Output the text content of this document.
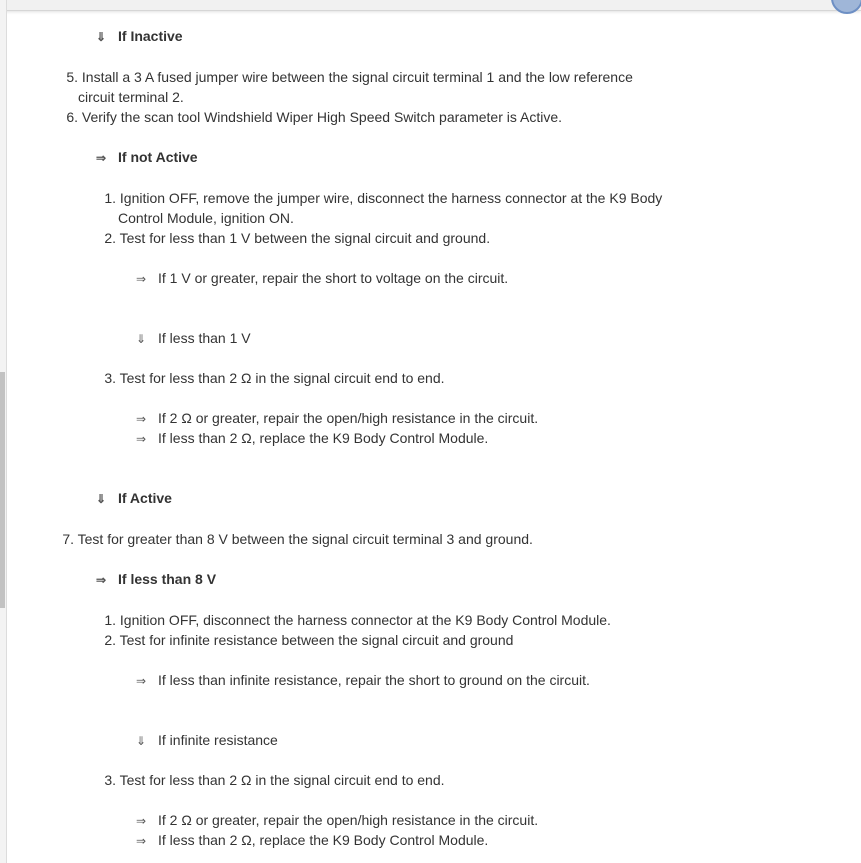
⇓ If Inactive
5. Install a 3 A fused jumper wire between the signal circuit terminal 1 and the low reference
circuit terminal 2.
6. Verify the scan tool Windshield Wiper High Speed Switch parameter is Active.
⇒ If not Active
1. Ignition OFF, remove the jumper wire, disconnect the harness connector at the K9 Body
Control Module, ignition ON.
2. Test for less than 1 V between the signal circuit and ground.
⇒ If 1 V or greater, repair the short to voltage on the circuit.
⇓ If less than 1 V
3. Test for less than 2 Ω in the signal circuit end to end.
⇒ If 2 Ω or greater, repair the open/high resistance in the circuit.
⇒ If less than 2 Ω, replace the K9 Body Control Module.
⇓ If Active
7. Test for greater than 8 V between the signal circuit terminal 3 and ground.
⇒ If less than 8 V
1. Ignition OFF, disconnect the harness connector at the K9 Body Control Module.
2. Test for infinite resistance between the signal circuit and ground
⇒ If less than infinite resistance, repair the short to ground on the circuit.
⇓ If infinite resistance
3. Test for less than 2 Ω in the signal circuit end to end.
⇒ If 2 Ω or greater, repair the open/high resistance in the circuit.
⇒ If less than 2 Ω, replace the K9 Body Control Module.
